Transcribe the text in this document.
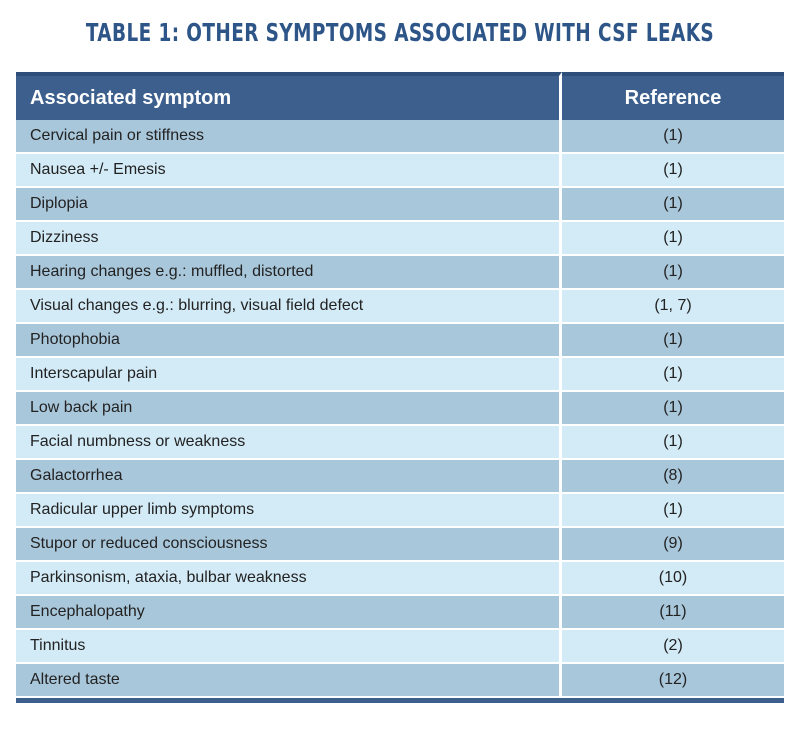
TABLE 1: OTHER SYMPTOMS ASSOCIATED WITH CSF LEAKS
Associated symptom	Reference
Cervical pain or stiffness	(1)
Nausea +/- Emesis	(1)
Diplopia	(1)
Dizziness	(1)
Hearing changes e.g.: muffled, distorted	(1)
Visual changes e.g.: blurring, visual field defect	(1, 7)
Photophobia	(1)
Interscapular pain	(1)
Low back pain	(1)
Facial numbness or weakness	(1)
Galactorrhea	(8)
Radicular upper limb symptoms	(1)
Stupor or reduced consciousness	(9)
Parkinsonism, ataxia, bulbar weakness	(10)
Encephalopathy	(11)
Tinnitus	(2)
Altered taste	(12)
